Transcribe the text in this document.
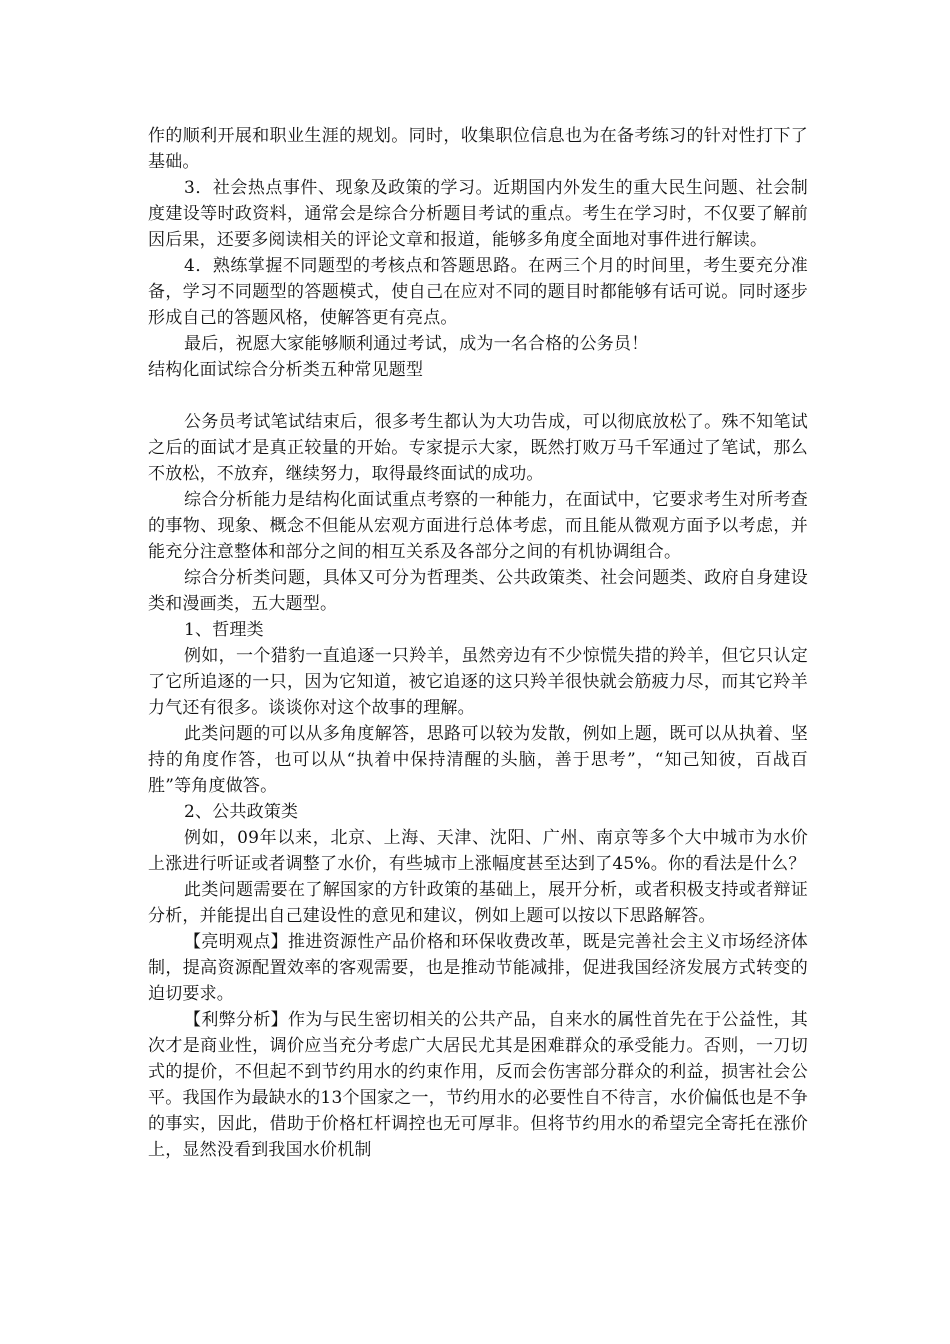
作的顺利开展和职业生涯的规划。同时，收集职位信息也为在备考练习的针对性打下了基础。

3．社会热点事件、现象及政策的学习。近期国内外发生的重大民生问题、社会制度建设等时政资料，通常会是综合分析题目考试的重点。考生在学习时，不仅要了解前因后果，还要多阅读相关的评论文章和报道，能够多角度全面地对事件进行解读。

4．熟练掌握不同题型的考核点和答题思路。在两三个月的时间里，考生要充分准备，学习不同题型的答题模式，使自己在应对不同的题目时都能够有话可说。同时逐步形成自己的答题风格，使解答更有亮点。

最后，祝愿大家能够顺利通过考试，成为一名合格的公务员！

结构化面试综合分析类五种常见题型

公务员考试笔试结束后，很多考生都认为大功告成，可以彻底放松了。殊不知笔试之后的面试才是真正较量的开始。专家提示大家，既然打败万马千军通过了笔试，那么不放松，不放弃，继续努力，取得最终面试的成功。

综合分析能力是结构化面试重点考察的一种能力，在面试中，它要求考生对所考查的事物、现象、概念不但能从宏观方面进行总体考虑，而且能从微观方面予以考虑，并能充分注意整体和部分之间的相互关系及各部分之间的有机协调组合。

综合分析类问题，具体又可分为哲理类、公共政策类、社会问题类、政府自身建设类和漫画类，五大题型。

1、哲理类

例如，一个猎豹一直追逐一只羚羊，虽然旁边有不少惊慌失措的羚羊，但它只认定了它所追逐的一只，因为它知道，被它追逐的这只羚羊很快就会筋疲力尽，而其它羚羊力气还有很多。谈谈你对这个故事的理解。

此类问题的可以从多角度解答，思路可以较为发散，例如上题，既可以从执着、坚持的角度作答，也可以从“执着中保持清醒的头脑，善于思考”，“知己知彼，百战百胜”等角度做答。

2、公共政策类

例如，09年以来，北京、上海、天津、沈阳、广州、南京等多个大中城市为水价上涨进行听证或者调整了水价，有些城市上涨幅度甚至达到了45%。你的看法是什么？

此类问题需要在了解国家的方针政策的基础上，展开分析，或者积极支持或者辩证分析，并能提出自己建设性的意见和建议，例如上题可以按以下思路解答。

【亮明观点】推进资源性产品价格和环保收费改革，既是完善社会主义市场经济体制，提高资源配置效率的客观需要，也是推动节能减排，促进我国经济发展方式转变的迫切要求。

【利弊分析】作为与民生密切相关的公共产品，自来水的属性首先在于公益性，其次才是商业性，调价应当充分考虑广大居民尤其是困难群众的承受能力。否则，一刀切式的提价，不但起不到节约用水的约束作用，反而会伤害部分群众的利益，损害社会公平。我国作为最缺水的13个国家之一，节约用水的必要性自不待言，水价偏低也是不争的事实，因此，借助于价格杠杆调控也无可厚非。但将节约用水的希望完全寄托在涨价上，显然没看到我国水价机制
